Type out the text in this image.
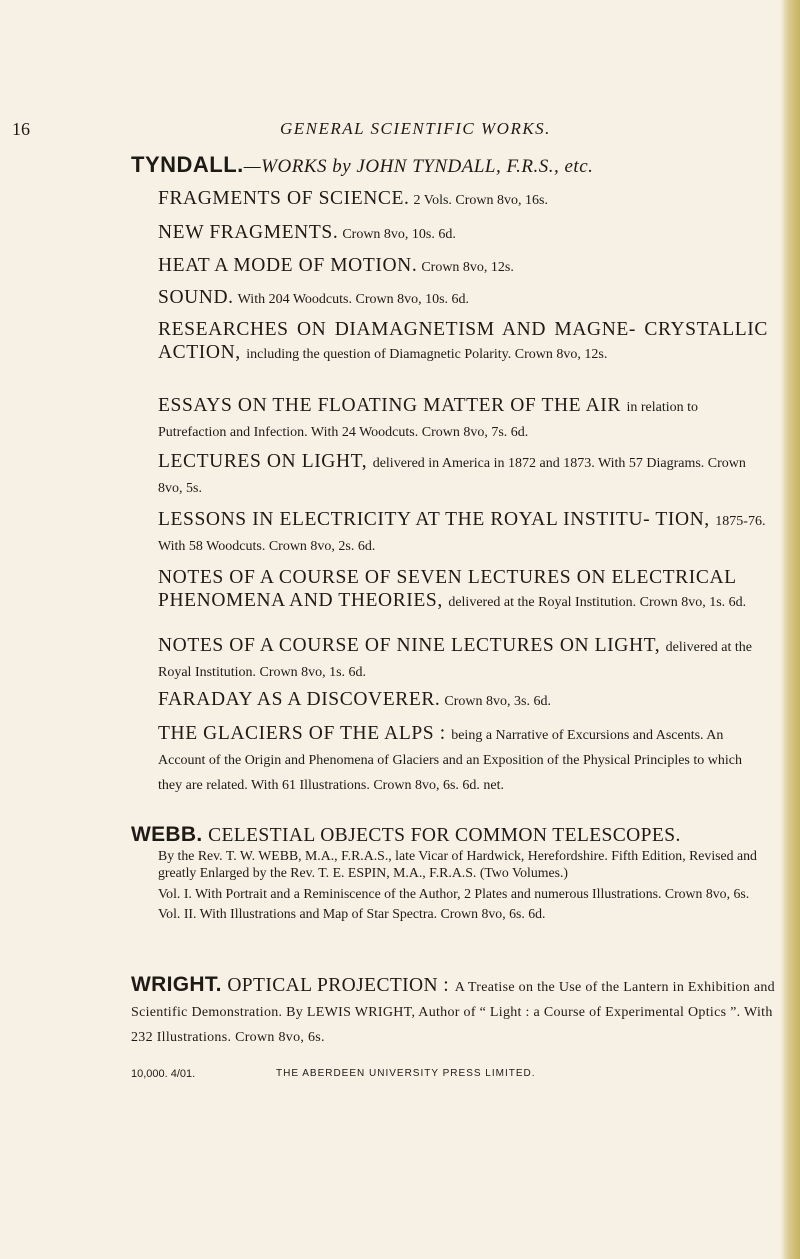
16	GENERAL SCIENTIFIC WORKS.
TYNDALL.—WORKS by JOHN TYNDALL, F.R.S., etc.
FRAGMENTS OF SCIENCE. 2 Vols. Crown 8vo, 16s.
NEW FRAGMENTS. Crown 8vo, 10s. 6d.
HEAT A MODE OF MOTION. Crown 8vo, 12s.
SOUND. With 204 Woodcuts. Crown 8vo, 10s. 6d.
RESEARCHES ON DIAMAGNETISM AND MAGNE- CRYSTALLIC ACTION, including the question of Diamagnetic Polarity. Crown 8vo, 12s.
ESSAYS ON THE FLOATING MATTER OF THE AIR in relation to Putrefaction and Infection. With 24 Woodcuts. Crown 8vo, 7s. 6d.
LECTURES ON LIGHT, delivered in America in 1872 and 1873. With 57 Diagrams. Crown 8vo, 5s.
LESSONS IN ELECTRICITY AT THE ROYAL INSTITU- TION, 1875-76. With 58 Woodcuts. Crown 8vo, 2s. 6d.
NOTES OF A COURSE OF SEVEN LECTURES ON ELECTRICAL PHENOMENA AND THEORIES, delivered at the Royal Institution. Crown 8vo, 1s. 6d.
NOTES OF A COURSE OF NINE LECTURES ON LIGHT, delivered at the Royal Institution. Crown 8vo, 1s. 6d.
FARADAY AS A DISCOVERER. Crown 8vo, 3s. 6d.
THE GLACIERS OF THE ALPS : being a Narrative of Excursions and Ascents. An Account of the Origin and Phenomena of Glaciers and an Exposition of the Physical Principles to which they are related. With 61 Illustrations. Crown 8vo, 6s. 6d. net.
WEBB. CELESTIAL OBJECTS FOR COMMON TELESCOPES.
By the Rev. T. W. WEBB, M.A., F.R.A.S., late Vicar of Hardwick, Herefordshire. Fifth Edition, Revised and greatly Enlarged by the Rev. T. E. ESPIN, M.A., F.R.A.S. (Two Volumes.)
Vol. I. With Portrait and a Reminiscence of the Author, 2 Plates and numerous Illustrations. Crown 8vo, 6s.
Vol. II. With Illustrations and Map of Star Spectra. Crown 8vo, 6s. 6d.
WRIGHT. OPTICAL PROJECTION : A Treatise on the Use of the Lantern in Exhibition and Scientific Demonstration. By LEWIS WRIGHT, Author of “ Light : a Course of Experimental Optics ”. With 232 Illustrations. Crown 8vo, 6s.
10,000. 4/01.	THE ABERDEEN UNIVERSITY PRESS LIMITED.
